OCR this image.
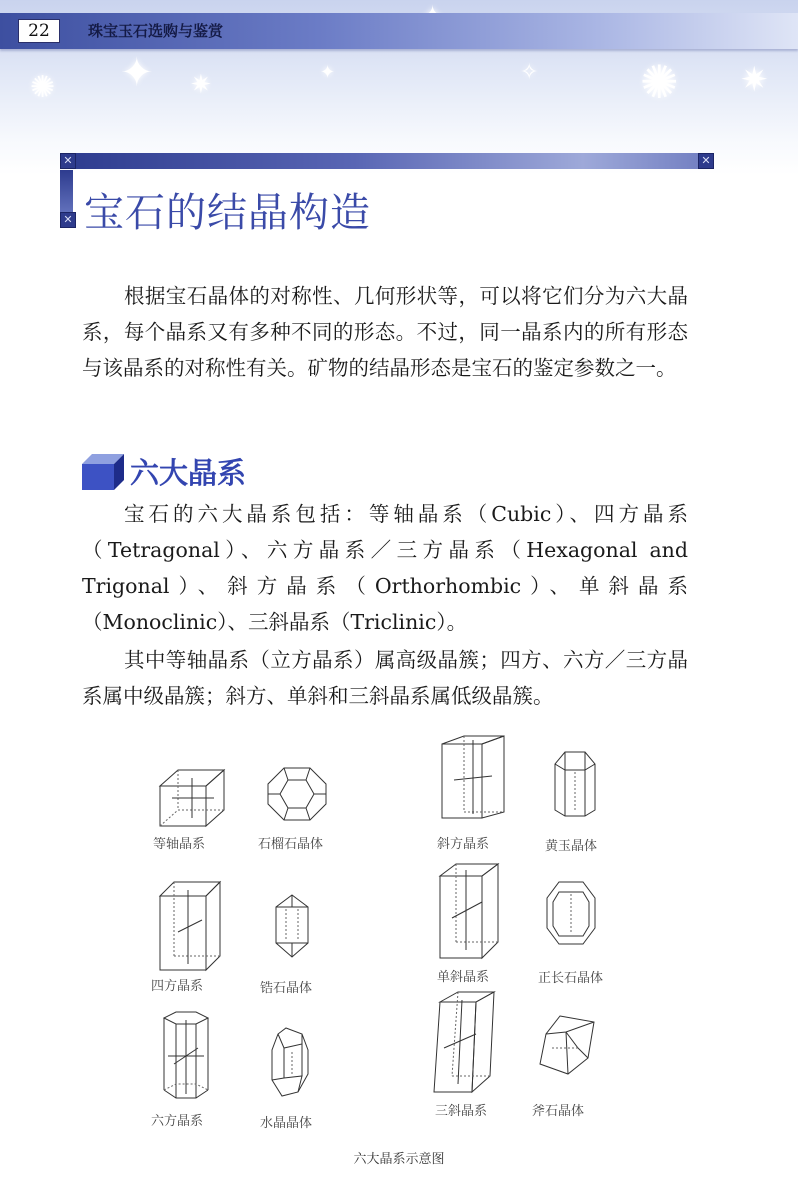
✦ ✷	✧ ✺ ✷
✺	✦
22	珠宝玉石选购与鉴赏
✕	✕
✕ 宝石的结晶构造
根据宝石晶体的对称性、几何形状等，可以将它们分为六大晶系，每个晶系又有多种不同的形态。不过，同一晶系内的所有形态与该晶系的对称性有关。矿物的结晶形态是宝石的鉴定参数之一。
六大晶系
宝石的六大晶系包括：等轴晶系（Cubic）、四方晶系（Tetragonal）、六方晶系／三方晶系（Hexagonal and Trigonal）、斜方晶系（Orthorhombic）、单斜晶系（Monoclinic）、三斜晶系（Triclinic）。
其中等轴晶系（立方晶系）属高级晶簇；四方、六方／三方晶系属中级晶簇；斜方、单斜和三斜晶系属低级晶簇。
等轴晶系	石榴石晶体
四方晶系	锆石晶体
六方晶系	水晶晶体
斜方晶系	黄玉晶体
单斜晶系	正长石晶体
三斜晶系	斧石晶体
六大晶系示意图
